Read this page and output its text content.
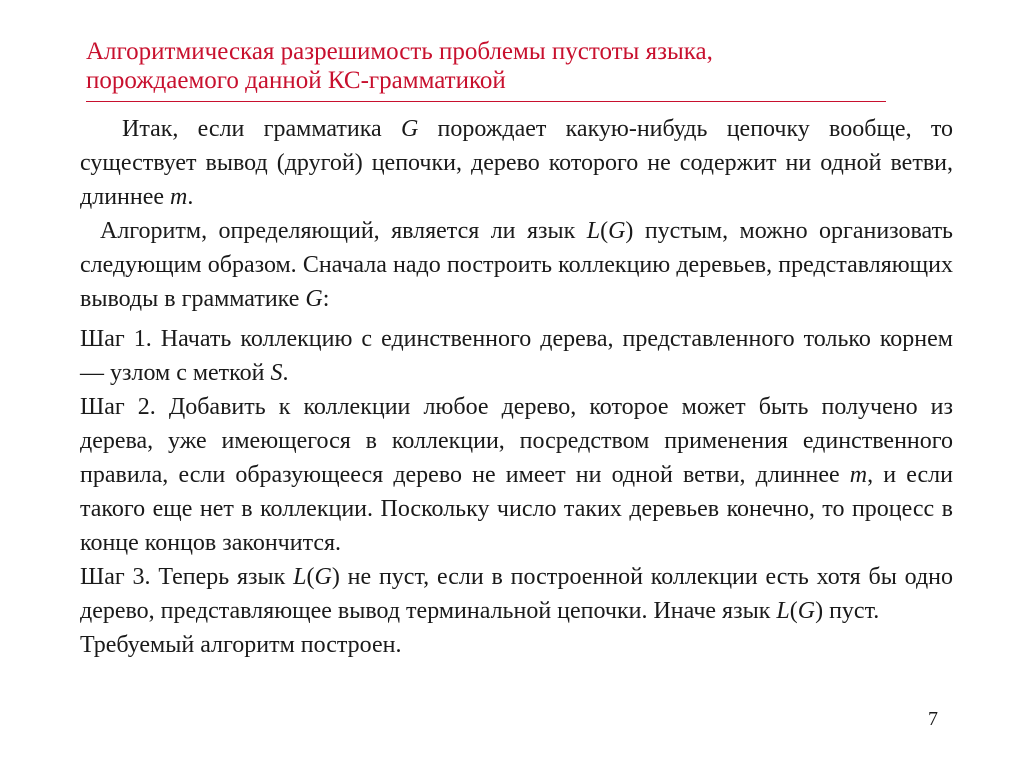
Алгоритмическая разрешимость проблемы пустоты языка,
порождаемого данной КС-грамматикой

Итак, если грамматика G порождает какую-нибудь цепочку вообще, то существует вывод (другой) цепочки, дерево которого не содержит ни одной ветви, длиннее m.

Алгоритм, определяющий, является ли язык L(G) пустым, можно организовать следующим образом. Сначала надо построить коллекцию деревьев, представляющих выводы в грамматике G:

Шаг 1. Начать коллекцию с единственного дерева, представленного только корнем — узлом с меткой S.

Шаг 2. Добавить к коллекции любое дерево, которое может быть получено из дерева, уже имеющегося в коллекции, посредством применения единственного правила, если образующееся дерево не имеет ни одной ветви, длиннее m, и если такого еще нет в коллекции. Поскольку число таких деревьев конечно, то процесс в конце концов закончится.

Шаг 3. Теперь язык L(G) не пуст, если в построенной коллекции есть хотя бы одно дерево, представляющее вывод терминальной цепочки. Иначе язык L(G) пуст.

Требуемый алгоритм построен.

7
